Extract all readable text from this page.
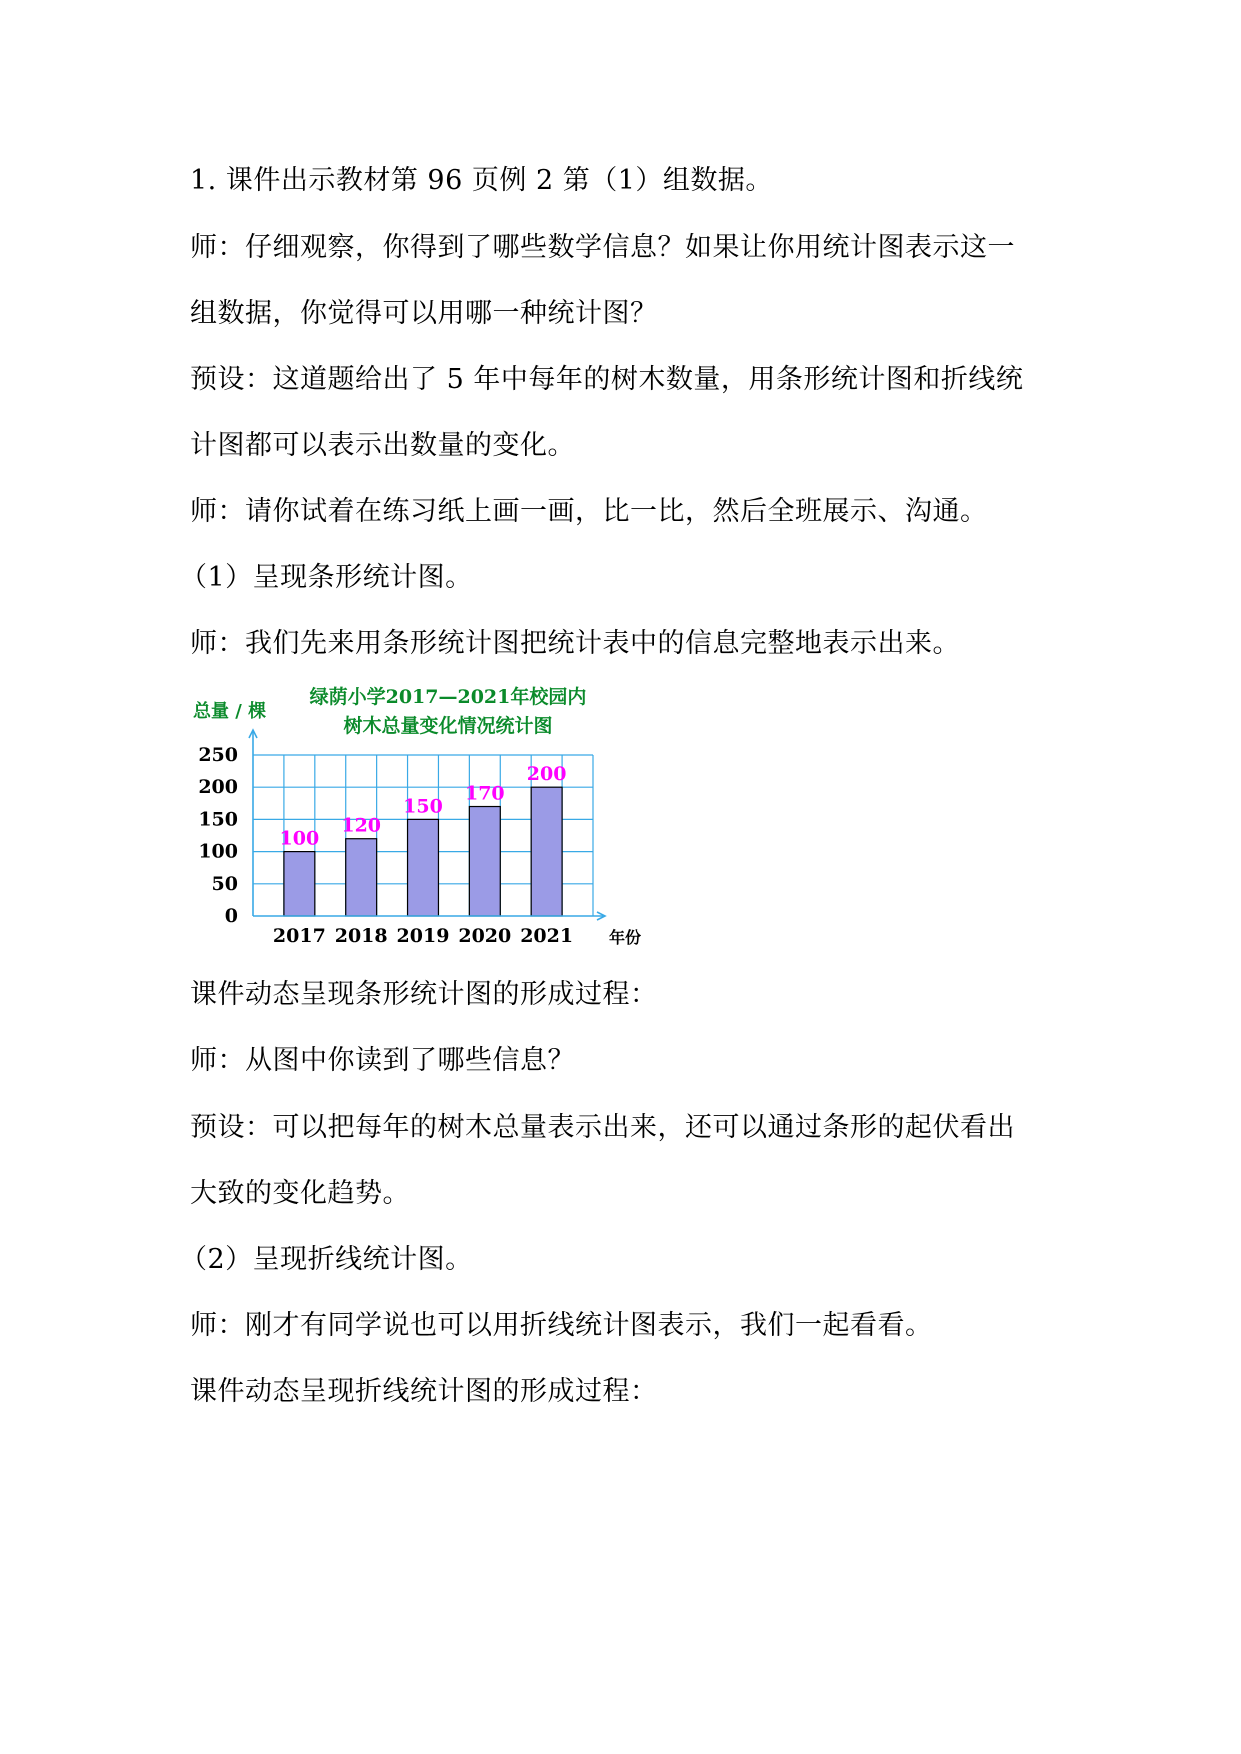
1. 课件出示教材第 96 页例 2 第（1）组数据。

师：仔细观察，你得到了哪些数学信息？如果让你用统计图表示这一

组数据，你觉得可以用哪一种统计图？

预设：这道题给出了 5 年中每年的树木数量，用条形统计图和折线统

计图都可以表示出数量的变化。

师：请你试着在练习纸上画一画，比一比，然后全班展示、沟通。

（1）呈现条形统计图。

师：我们先来用条形统计图把统计表中的信息完整地表示出来。

绿荫小学2017—2021年校园内
树木总量变化情况统计图
总量 / 棵
年份
100
120
150
170
200
0
50
100
150
200
250
2017 2018 2019 2020 2021

课件动态呈现条形统计图的形成过程：

师：从图中你读到了哪些信息？

预设：可以把每年的树木总量表示出来，还可以通过条形的起伏看出

大致的变化趋势。

（2）呈现折线统计图。

师：刚才有同学说也可以用折线统计图表示，我们一起看看。

课件动态呈现折线统计图的形成过程：
